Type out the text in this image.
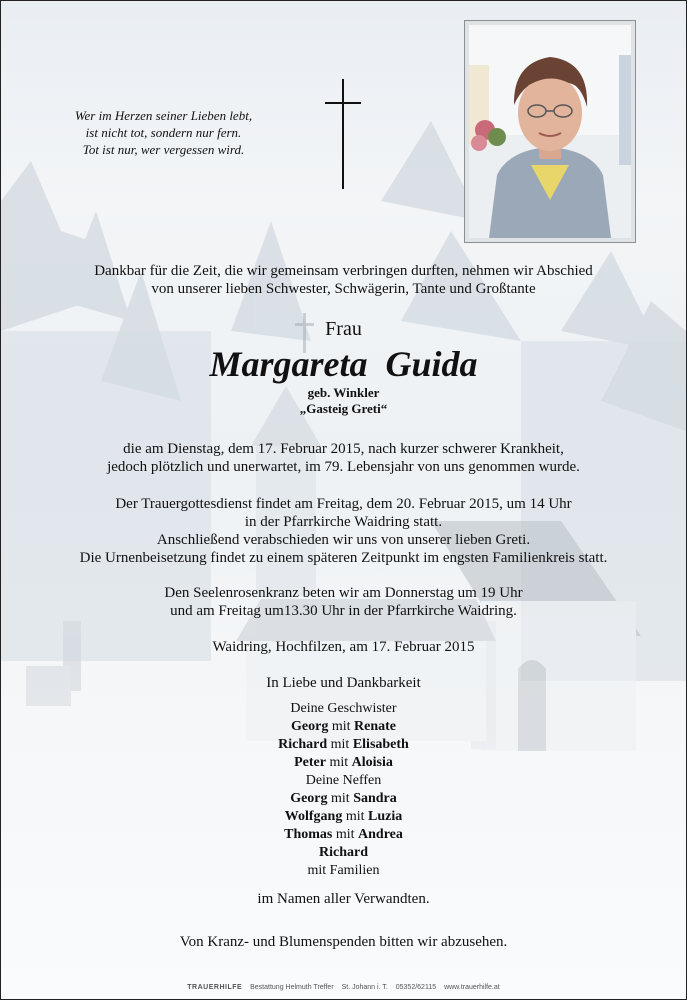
Wer im Herzen seiner Lieben lebt,
ist nicht tot, sondern nur fern.
Tot ist nur, wer vergessen wird.
Dankbar für die Zeit, die wir gemeinsam verbringen durften, nehmen wir Abschied
von unserer lieben Schwester, Schwägerin, Tante und Großtante
Frau
Margareta  Guida
geb. Winkler
„Gasteig Greti“
die am Dienstag, dem 17. Februar 2015, nach kurzer schwerer Krankheit,
jedoch plötzlich und unerwartet, im 79. Lebensjahr von uns genommen wurde.
Der Trauergottesdienst findet am Freitag, dem 20. Februar 2015, um 14 Uhr
in der Pfarrkirche Waidring statt.
Anschließend verabschieden wir uns von unserer lieben Greti.
Die Urnenbeisetzung findet zu einem späteren Zeitpunkt im engsten Familienkreis statt.
Den Seelenrosenkranz beten wir am Donnerstag um 19 Uhr
und am Freitag um13.30 Uhr in der Pfarrkirche Waidring.
Waidring, Hochfilzen, am 17. Februar 2015
In Liebe und Dankbarkeit
Deine Geschwister
Georg mit Renate
Richard mit Elisabeth
Peter mit Aloisia
Deine Neffen
Georg mit Sandra
Wolfgang mit Luzia
Thomas mit Andrea
Richard
mit Familien
im Namen aller Verwandten.
Von Kranz- und Blumenspenden bitten wir abzusehen.
TRAUERHILFE Bestattung Helmuth Treffer St. Johann i. T. 05352/62115 www.trauerhilfe.at
